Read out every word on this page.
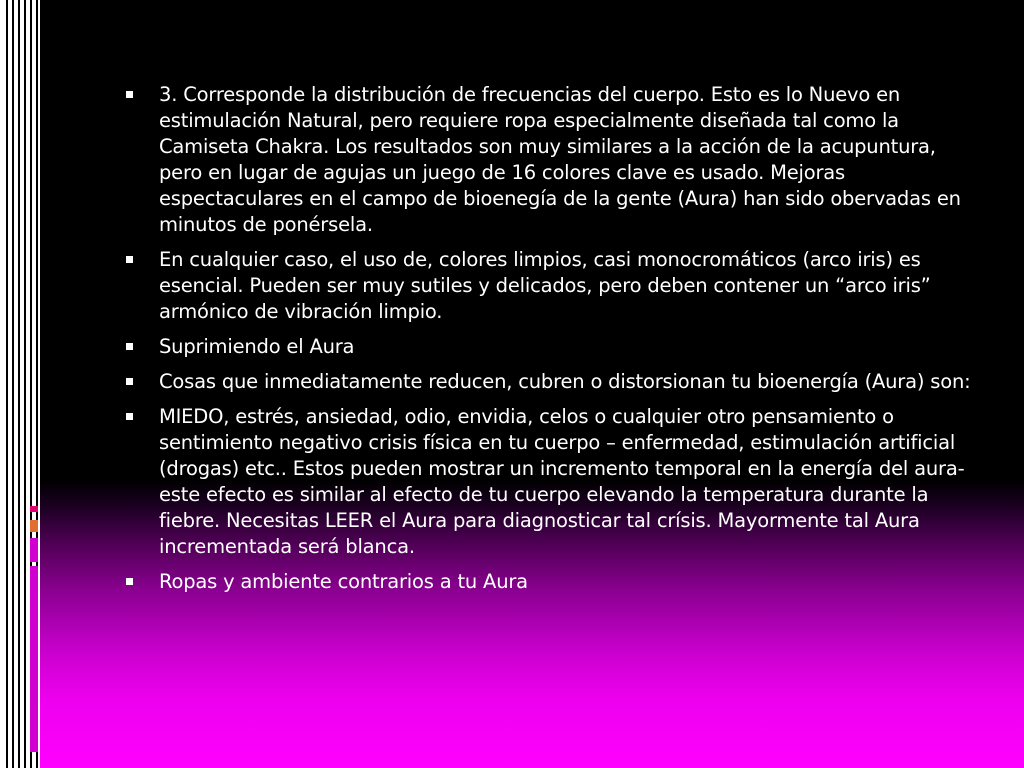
3. Corresponde la distribución de frecuencias del cuerpo. Esto es lo Nuevo en estimulación Natural, pero requiere ropa especialmente diseñada tal como la Camiseta Chakra. Los resultados son muy similares a la acción de la acupuntura, pero en lugar de agujas un juego de 16 colores clave es usado. Mejoras espectaculares en el campo de bioenegía de la gente (Aura) han sido obervadas en minutos de ponérsela.
En cualquier caso, el uso de, colores limpios, casi monocromáticos (arco iris) es esencial. Pueden ser muy sutiles y delicados, pero deben contener un “arco iris” armónico de vibración limpio.
Suprimiendo el Aura
Cosas que inmediatamente reducen, cubren o distorsionan tu bioenergía (Aura) son:
MIEDO, estrés, ansiedad, odio, envidia, celos o cualquier otro pensamiento o sentimiento negativo crisis física en tu cuerpo – enfermedad, estimulación artificial (drogas) etc.. Estos pueden mostrar un incremento temporal en la energía del aura- este efecto es similar al efecto de tu cuerpo elevando la temperatura durante la fiebre. Necesitas LEER el Aura para diagnosticar tal crísis. Mayormente tal Aura incrementada será blanca.
Ropas y ambiente contrarios a tu Aura
